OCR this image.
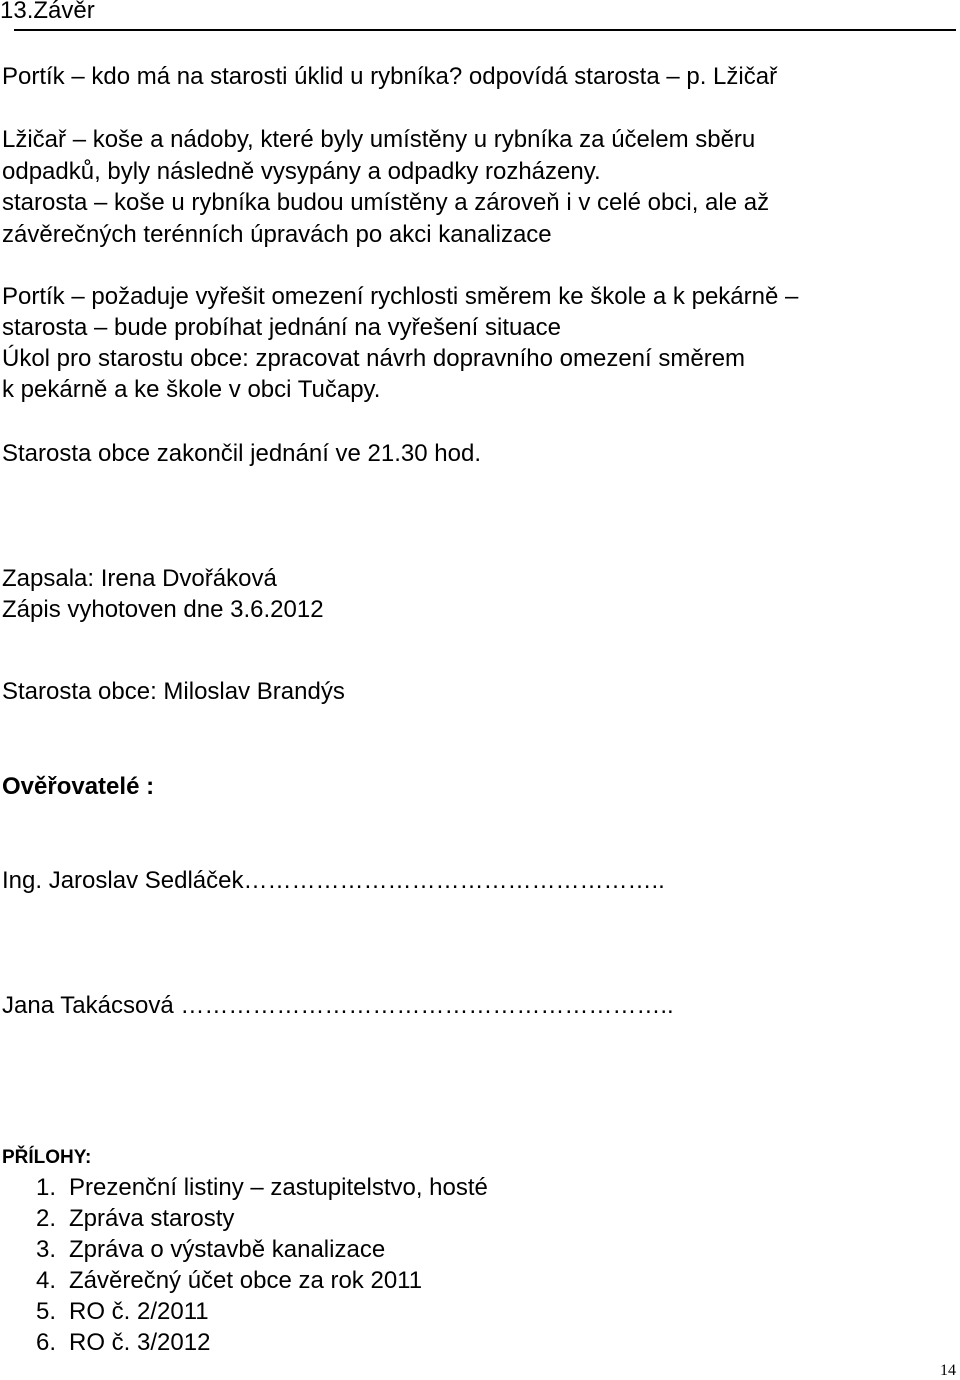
13.Závěr
Portík – kdo má na starosti úklid u rybníka? odpovídá starosta – p. Lžičař
Lžičař – koše a nádoby, které byly umístěny u rybníka za účelem sběru
odpadků, byly následně vysypány a odpadky rozházeny.
starosta – koše u rybníka budou umístěny a zároveň i v celé obci, ale až
závěrečných terénních úpravách po akci kanalizace
Portík – požaduje vyřešit omezení rychlosti směrem ke škole a k pekárně –
starosta – bude probíhat jednání na vyřešení situace
Úkol pro starostu obce: zpracovat návrh dopravního omezení směrem
k pekárně a ke škole v obci Tučapy.
Starosta obce zakončil jednání ve 21.30 hod.
Zapsala: Irena Dvořáková
Zápis vyhotoven dne 3.6.2012
Starosta obce: Miloslav Brandýs
Ověřovatelé :
Ing. Jaroslav Sedláček……………………………………………..
Jana Takácsová ……………………………………………………..
PŘÍLOHY:
1. Prezenční listiny – zastupitelstvo, hosté
2. Zpráva starosty
3. Zpráva o výstavbě kanalizace
4. Závěrečný účet obce za rok 2011
5. RO č. 2/2011
6. RO č. 3/2012
14
